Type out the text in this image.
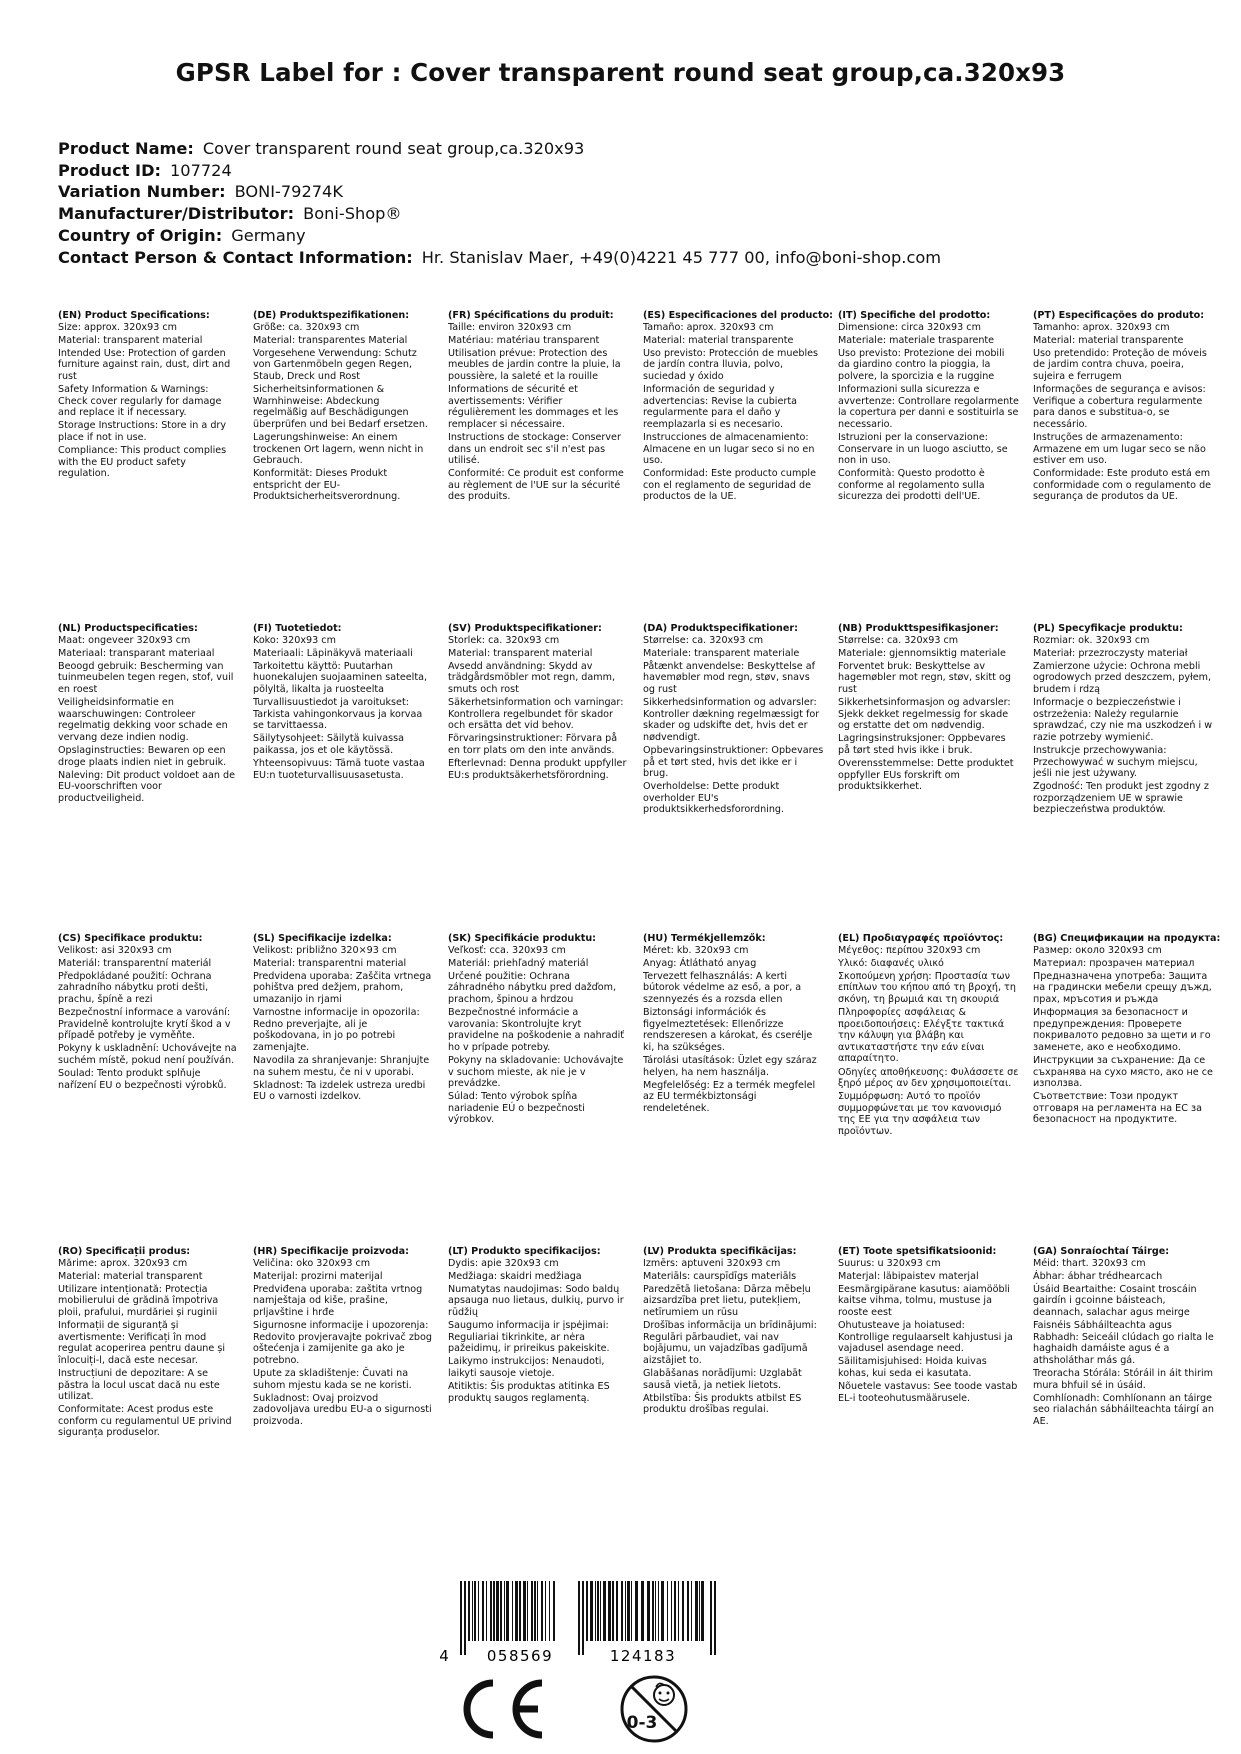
GPSR Label for : Cover transparent round seat group,ca.320x93
Product Name: Cover transparent round seat group,ca.320x93
Product ID: 107724
Variation Number: BONI-79274K
Manufacturer/Distributor: Boni-Shop®
Country of Origin: Germany
Contact Person & Contact Information: Hr. Stanislav Maer, +49(0)4221 45 777 00, info@boni-shop.com
(EN) Product Specifications:
Size: approx. 320x93 cm
Material: transparent material
Intended Use: Protection of garden furniture against rain, dust, dirt and rust
Safety Information & Warnings: Check cover regularly for damage and replace it if necessary.
Storage Instructions: Store in a dry place if not in use.
Compliance: This product complies with the EU product safety regulation.
(DE) Produktspezifikationen:
Größe: ca. 320x93 cm
Material: transparentes Material
Vorgesehene Verwendung: Schutz von Gartenmöbeln gegen Regen, Staub, Dreck und Rost
Sicherheitsinformationen & Warnhinweise: Abdeckung regelmäßig auf Beschädigungen überprüfen und bei Bedarf ersetzen.
Lagerungshinweise: An einem trockenen Ort lagern, wenn nicht in Gebrauch.
Konformität: Dieses Produkt entspricht der EU-Produktsicherheitsverordnung.
(FR) Spécifications du produit:
Taille: environ 320x93 cm
Matériau: matériau transparent
Utilisation prévue: Protection des meubles de jardin contre la pluie, la poussière, la saleté et la rouille
Informations de sécurité et avertissements: Vérifier régulièrement les dommages et les remplacer si nécessaire.
Instructions de stockage: Conserver dans un endroit sec s'il n'est pas utilisé.
Conformité: Ce produit est conforme au règlement de l'UE sur la sécurité des produits.
(ES) Especificaciones del producto:
Tamaño: aprox. 320x93 cm
Material: material transparente
Uso previsto: Protección de muebles de jardín contra lluvia, polvo, suciedad y óxido
Información de seguridad y advertencias: Revise la cubierta regularmente para el daño y reemplazarla si es necesario.
Instrucciones de almacenamiento: Almacene en un lugar seco si no en uso.
Conformidad: Este producto cumple con el reglamento de seguridad de productos de la UE.
(IT) Specifiche del prodotto:
Dimensione: circa 320x93 cm
Materiale: materiale trasparente
Uso previsto: Protezione dei mobili da giardino contro la pioggia, la polvere, la sporcizia e la ruggine
Informazioni sulla sicurezza e avvertenze: Controllare regolarmente la copertura per danni e sostituirla se necessario.
Istruzioni per la conservazione: Conservare in un luogo asciutto, se non in uso.
Conformità: Questo prodotto è conforme al regolamento sulla sicurezza dei prodotti dell'UE.
(PT) Especificações do produto:
Tamanho: aprox. 320x93 cm
Material: material transparente
Uso pretendido: Proteção de móveis de jardim contra chuva, poeira, sujeira e ferrugem
Informações de segurança e avisos: Verifique a cobertura regularmente para danos e substitua-o, se necessário.
Instruções de armazenamento: Armazene em um lugar seco se não estiver em uso.
Conformidade: Este produto está em conformidade com o regulamento de segurança de produtos da UE.
(NL) Productspecificaties:
Maat: ongeveer 320x93 cm
Materiaal: transparant materiaal
Beoogd gebruik: Bescherming van tuinmeubelen tegen regen, stof, vuil en roest
Veiligheidsinformatie en waarschuwingen: Controleer regelmatig dekking voor schade en vervang deze indien nodig.
Opslaginstructies: Bewaren op een droge plaats indien niet in gebruik.
Naleving: Dit product voldoet aan de EU-voorschriften voor productveiligheid.
(FI) Tuotetiedot:
Koko: 320x93 cm
Materiaali: Läpinäkyvä materiaali
Tarkoitettu käyttö: Puutarhan huonekalujen suojaaminen sateelta, pölyltä, likalta ja ruosteelta
Turvallisuustiedot ja varoitukset: Tarkista vahingonkorvaus ja korvaa se tarvittaessa.
Säilytysohjeet: Säilytä kuivassa paikassa, jos et ole käytössä.
Yhteensopivuus: Tämä tuote vastaa EU:n tuoteturvallisuusasetusta.
(SV) Produktspecifikationer:
Storlek: ca. 320x93 cm
Material: transparent material
Avsedd användning: Skydd av trädgårdsmöbler mot regn, damm, smuts och rost
Säkerhetsinformation och varningar: Kontrollera regelbundet för skador och ersätta det vid behov.
Förvaringsinstruktioner: Förvara på en torr plats om den inte används.
Efterlevnad: Denna produkt uppfyller EU:s produktsäkerhetsförordning.
(DA) Produktspecifikationer:
Størrelse: ca. 320x93 cm
Materiale: transparent materiale
Påtænkt anvendelse: Beskyttelse af havemøbler mod regn, støv, snavs og rust
Sikkerhedsinformation og advarsler: Kontroller dækning regelmæssigt for skader og udskifte det, hvis det er nødvendigt.
Opbevaringsinstruktioner: Opbevares på et tørt sted, hvis det ikke er i brug.
Overholdelse: Dette produkt overholder EU's produktsikkerhedsforordning.
(NB) Produkttspesifikasjoner:
Størrelse: ca. 320x93 cm
Materiale: gjennomsiktig materiale
Forventet bruk: Beskyttelse av hagemøbler mot regn, støv, skitt og rust
Sikkerhetsinformasjon og advarsler: Sjekk dekket regelmessig for skade og erstatte det om nødvendig.
Lagringsinstruksjoner: Oppbevares på tørt sted hvis ikke i bruk.
Overensstemmelse: Dette produktet oppfyller EUs forskrift om produktsikkerhet.
(PL) Specyfikacje produktu:
Rozmiar: ok. 320x93 cm
Materiał: przezroczysty materiał
Zamierzone użycie: Ochrona mebli ogrodowych przed deszczem, pyłem, brudem i rdzą
Informacje o bezpieczeństwie i ostrzeżenia: Należy regularnie sprawdzać, czy nie ma uszkodzeń i w razie potrzeby wymienić.
Instrukcje przechowywania: Przechowywać w suchym miejscu, jeśli nie jest używany.
Zgodność: Ten produkt jest zgodny z rozporządzeniem UE w sprawie bezpieczeństwa produktów.
(CS) Specifikace produktu:
Velikost: asi 320x93 cm
Materiál: transparentní materiál
Předpokládané použití: Ochrana zahradního nábytku proti dešti, prachu, špíně a rezi
Bezpečnostní informace a varování: Pravidelně kontrolujte krytí škod a v případě potřeby je vyměňte.
Pokyny k uskladnění: Uchovávejte na suchém místě, pokud není používán.
Soulad: Tento produkt splňuje nařízení EU o bezpečnosti výrobků.
(SL) Specifikacije izdelka:
Velikost: približno 320×93 cm
Material: transparentni material
Predvidena uporaba: Zaščita vrtnega pohištva pred dežjem, prahom, umazanijo in rjami
Varnostne informacije in opozorila: Redno preverjajte, ali je poškodovana, in jo po potrebi zamenjajte.
Navodila za shranjevanje: Shranjujte na suhem mestu, če ni v uporabi.
Skladnost: Ta izdelek ustreza uredbi EU o varnosti izdelkov.
(SK) Špecifikácie produktu:
Veľkosť: cca. 320x93 cm
Materiál: priehľadný materiál
Určené použitie: Ochrana záhradného nábytku pred dažďom, prachom, špinou a hrdzou
Bezpečnostné informácie a varovania: Skontrolujte kryt pravidelne na poškodenie a nahradiť ho v prípade potreby.
Pokyny na skladovanie: Uchovávajte v suchom mieste, ak nie je v prevádzke.
Súlad: Tento výrobok spĺňa nariadenie EÚ o bezpečnosti výrobkov.
(HU) Termékjellemzők:
Méret: kb. 320x93 cm
Anyag: Átlátható anyag
Tervezett felhasználás: A kerti bútorok védelme az eső, a por, a szennyezés és a rozsda ellen
Biztonsági információk és figyelmeztetések: Ellenőrizze rendszeresen a károkat, és cserélje ki, ha szükséges.
Tárolási utasítások: Üzlet egy száraz helyen, ha nem használja.
Megfelelőség: Ez a termék megfelel az EU termékbiztonsági rendeletének.
(EL) Προδιαγραφές προϊόντος:
Μέγεθος: περίπου 320x93 cm
Υλικό: διαφανές υλικό
Σκοπούμενη χρήση: Προστασία των επίπλων του κήπου από τη βροχή, τη σκόνη, τη βρωμιά και τη σκουριά
Πληροφορίες ασφάλειας & προειδοποιήσεις: Ελέγξτε τακτικά την κάλυψη για βλάβη και αντικαταστήστε την εάν είναι απαραίτητο.
Οδηγίες αποθήκευσης: Φυλάσσετε σε ξηρό μέρος αν δεν χρησιμοποιείται.
Συμμόρφωση: Αυτό το προϊόν συμμορφώνεται με τον κανονισμό της ΕΕ για την ασφάλεια των προϊόντων.
(BG) Спецификации на продукта:
Размер: около 320x93 cm
Материал: прозрачен материал
Предназначена употреба: Защита на градински мебели срещу дъжд, прах, мръсотия и ръжда
Информация за безопасност и предупреждения: Проверете покривалото редовно за щети и го заменете, ако е необходимо.
Инструкции за съхранение: Да се съхранява на сухо място, ако не се използва.
Съответствие: Този продукт отговаря на регламента на ЕС за безопасност на продуктите.
(RO) Specificații produs:
Mărime: aprox. 320x93 cm
Material: material transparent
Utilizare intenționată: Protecția mobilierului de grădină împotriva ploii, prafului, murdăriei și ruginii
Informații de siguranță și avertismente: Verificați în mod regulat acoperirea pentru daune și înlocuiți-l, dacă este necesar.
Instrucțiuni de depozitare: A se păstra la locul uscat dacă nu este utilizat.
Conformitate: Acest produs este conform cu regulamentul UE privind siguranța produselor.
(HR) Specifikacije proizvoda:
Veličina: oko 320x93 cm
Materijal: prozirni materijal
Predviđena uporaba: zaštita vrtnog namještaja od kiše, prašine, prljavštine i hrđe
Sigurnosne informacije i upozorenja: Redovito provjeravajte pokrivač zbog oštećenja i zamijenite ga ako je potrebno.
Upute za skladištenje: Čuvati na suhom mjestu kada se ne koristi.
Sukladnost: Ovaj proizvod zadovoljava uredbu EU-a o sigurnosti proizvoda.
(LT) Produkto specifikacijos:
Dydis: apie 320x93 cm
Medžiaga: skaidri medžiaga
Numatytas naudojimas: Sodo baldų apsauga nuo lietaus, dulkių, purvo ir rūdžių
Saugumo informacija ir įspėjimai: Reguliariai tikrinkite, ar nėra pažeidimų, ir prireikus pakeiskite.
Laikymo instrukcijos: Nenaudoti, laikyti sausoje vietoje.
Atitiktis: Šis produktas atitinka ES produktų saugos reglamentą.
(LV) Produkta specifikācijas:
Izmērs: aptuveni 320x93 cm
Materiāls: caurspīdīgs materiāls
Paredzētā lietošana: Dārza mēbeļu aizsardzība pret lietu, putekļiem, netīrumiem un rūsu
Drošības informācija un brīdinājumi: Regulāri pārbaudiet, vai nav bojājumu, un vajadzības gadījumā aizstājiet to.
Glabāšanas norādījumi: Uzglabāt sausā vietā, ja netiek lietots.
Atbilstība: Šis produkts atbilst ES produktu drošības regulai.
(ET) Toote spetsifikatsioonid:
Suurus: u 320x93 cm
Materjal: läbipaistev materjal
Eesmärgipärane kasutus: aiamööbli kaitse vihma, tolmu, mustuse ja rooste eest
Ohutusteave ja hoiatused: Kontrollige regulaarselt kahjustusi ja vajadusel asendage need.
Säilitamisjuhised: Hoida kuivas kohas, kui seda ei kasutata.
Nõuetele vastavus: See toode vastab EL-i tooteohutusmäärusele.
(GA) Sonraíochtaí Táirge:
Méid: thart. 320x93 cm
Ábhar: ábhar trédhearcach
Úsáid Beartaithe: Cosaint troscáin gairdín i gcoinne báisteach, deannach, salachar agus meirge
Faisnéis Sábháilteachta agus Rabhadh: Seiceáil clúdach go rialta le haghaidh damáiste agus é a athsholáthar más gá.
Treoracha Stórála: Stóráil in áit thirim mura bhfuil sé in úsáid.
Comhlíonadh: Comhlíonann an táirge seo rialachán sábháilteachta táirgí an AE.
4	058569	124183
0-3
